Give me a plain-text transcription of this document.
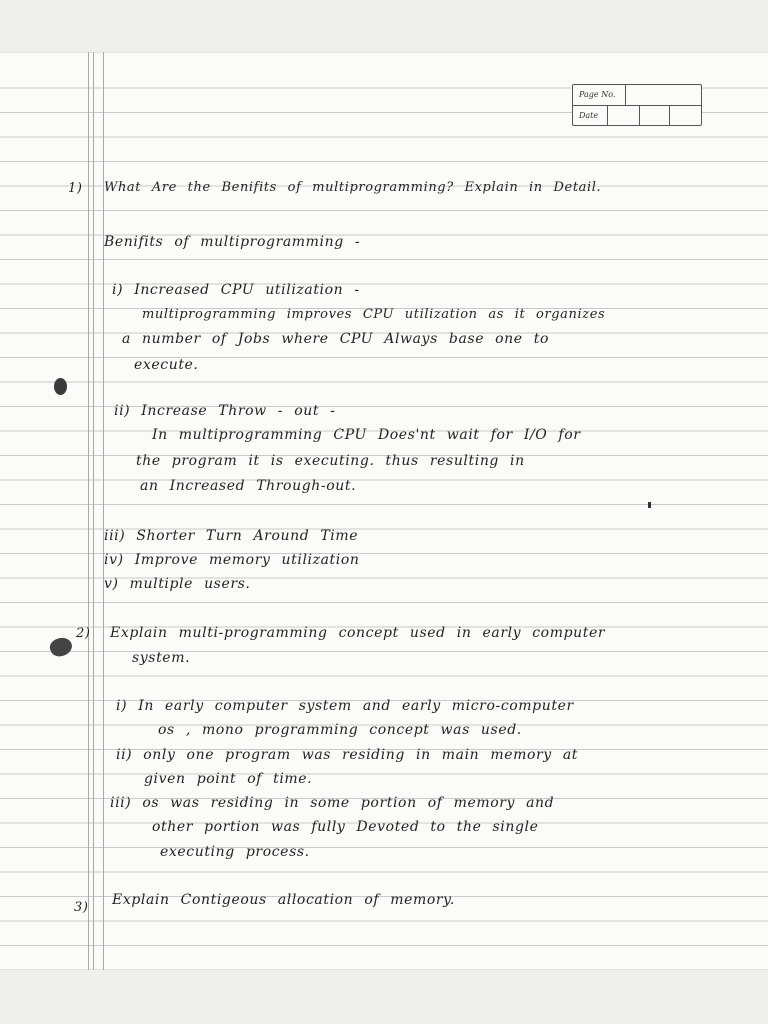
Page No.
Date
1) What Are the Benifits of multiprogramming? Explain in Detail.
Benifits of multiprogramming -
i) Increased CPU utilization -
multiprogramming improves CPU utilization as it organizes
a number of Jobs where CPU Always base one to
execute.
ii) Increase Throw - out -
In multiprogramming CPU Does'nt wait for I/O for
the program it is executing. thus resulting in
an Increased Through-out.
iii) Shorter Turn Around Time
iv) Improve memory utilization
v) multiple users.
2) Explain multi-programming concept used in early computer
system.
i) In early computer system and early micro-computer
os , mono programming concept was used.
ii) only one program was residing in main memory at
given point of time.
iii) os was residing in some portion of memory and
other portion was fully Devoted to the single
executing process.
3) Explain Contigeous allocation of memory.
